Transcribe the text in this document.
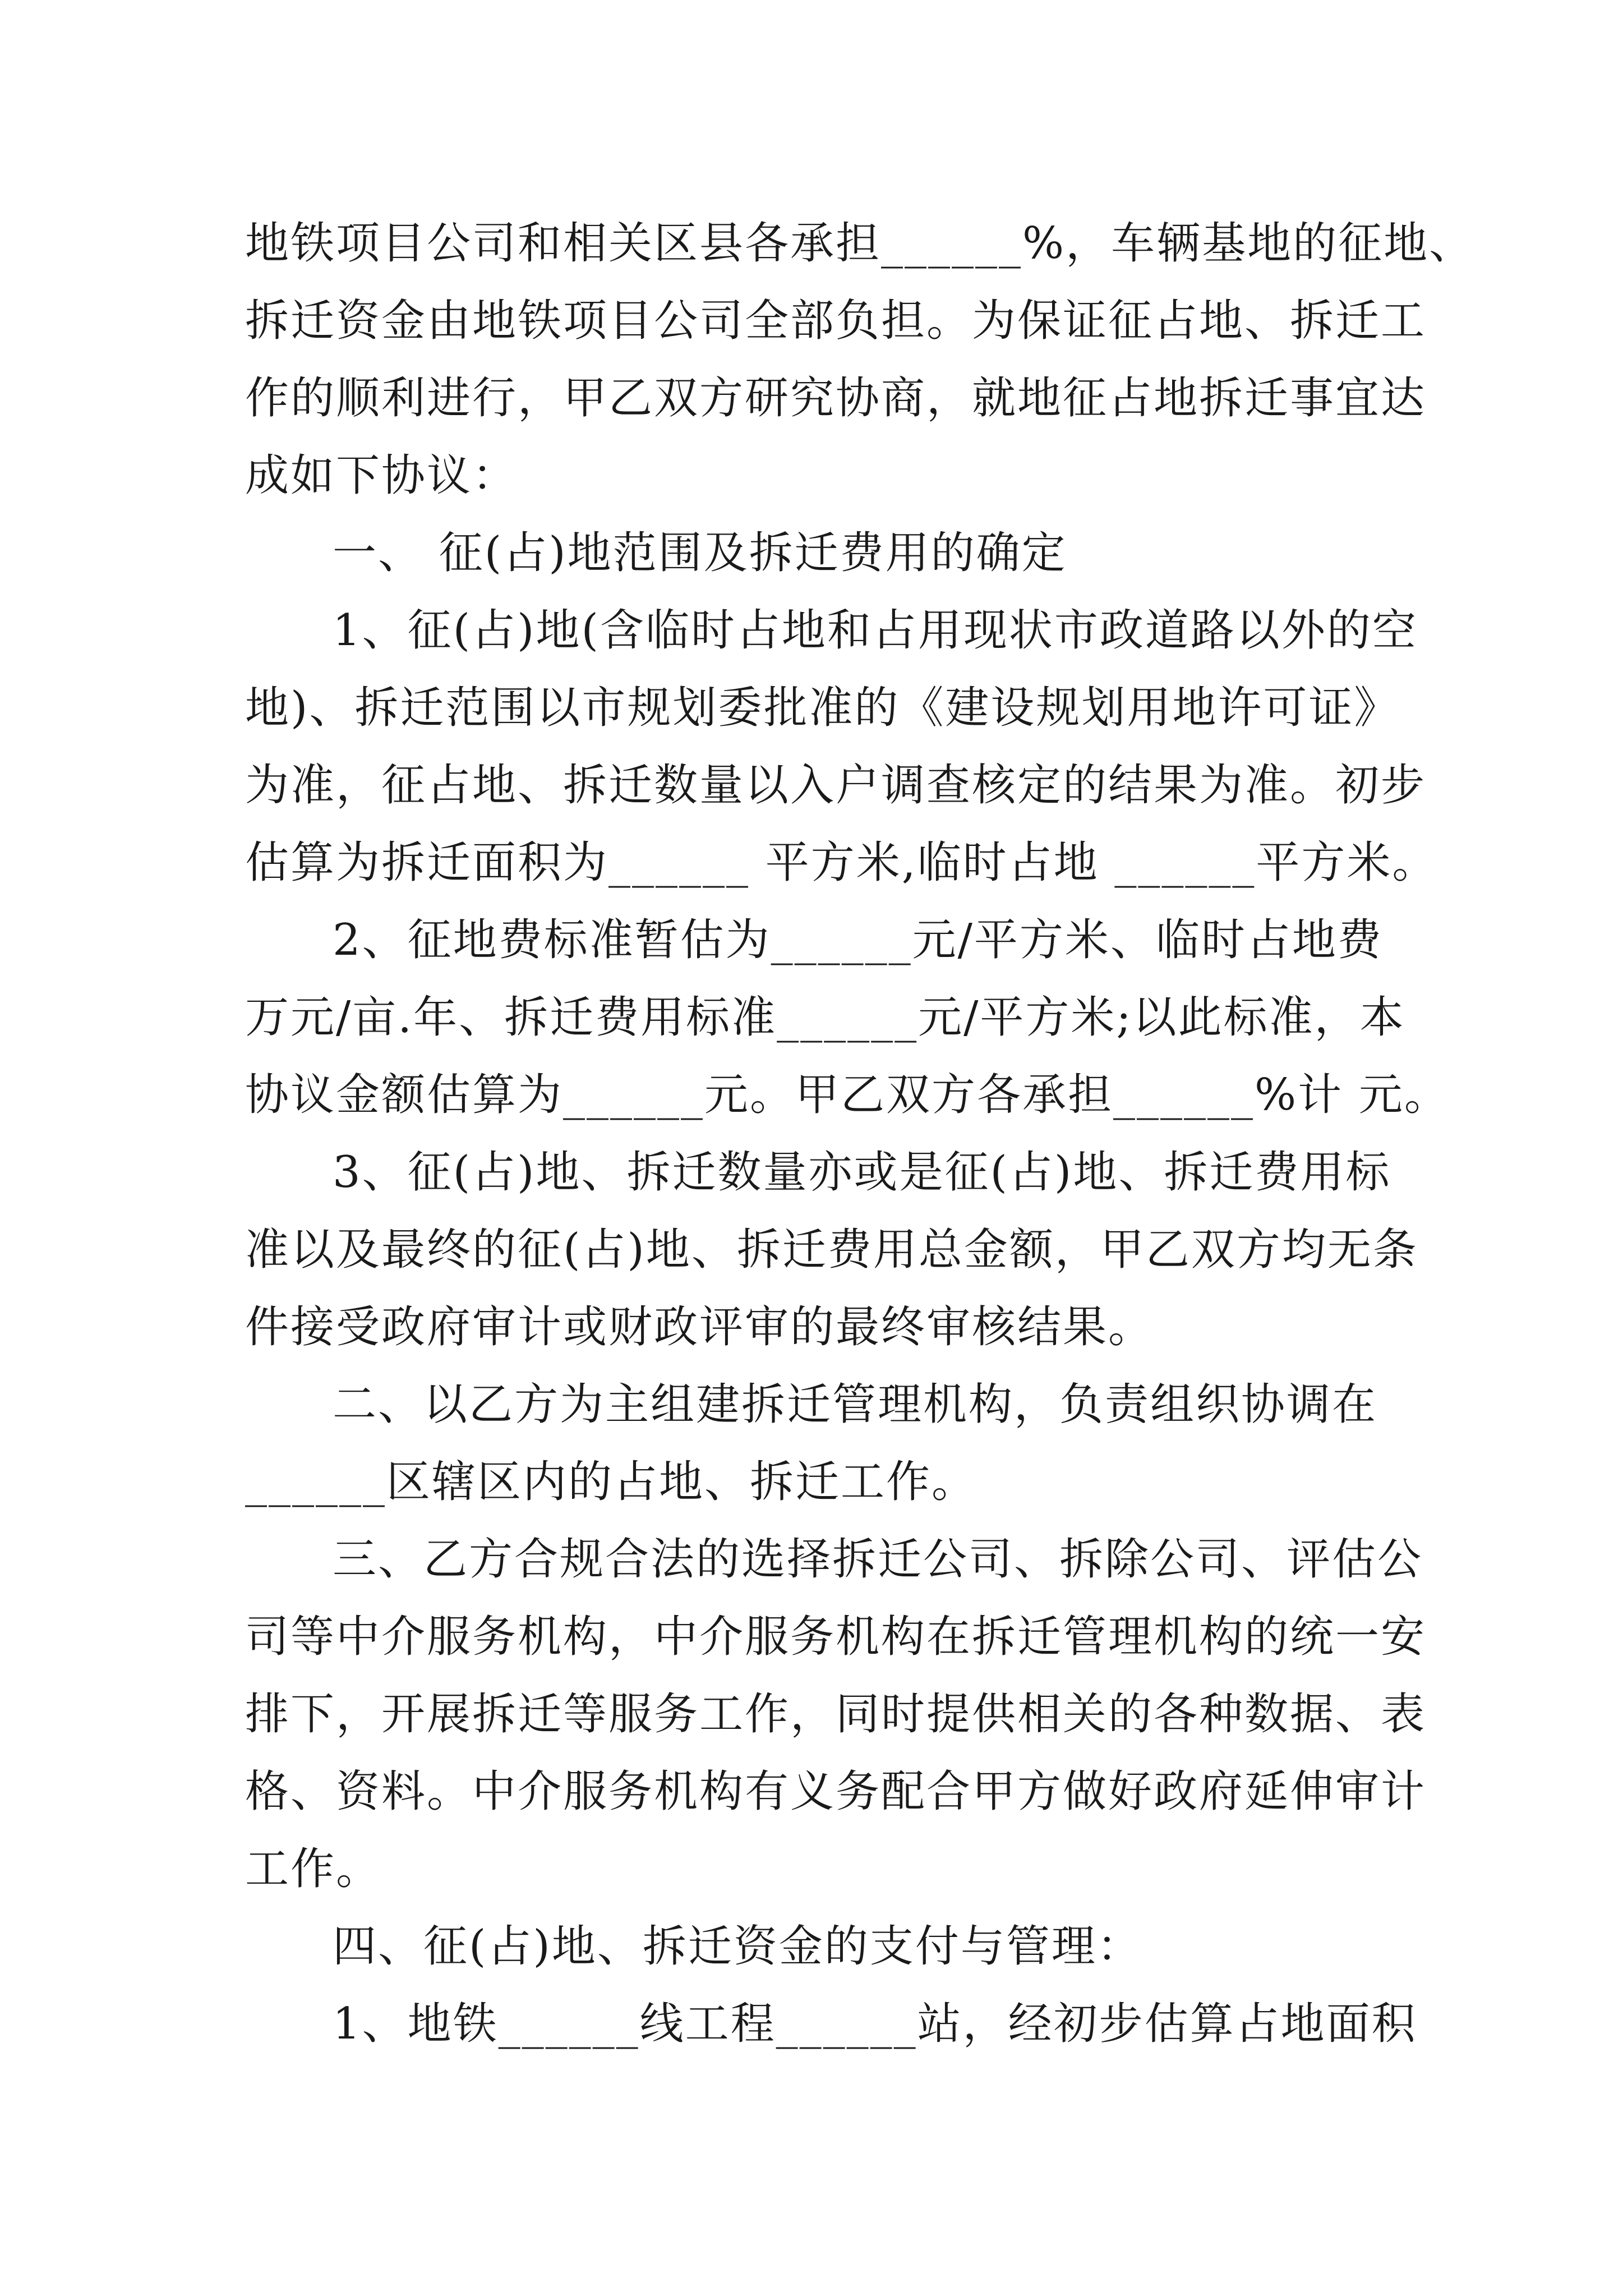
地铁项目公司和相关区县各承担______%，车辆基地的征地、
拆迁资金由地铁项目公司全部负担。为保证征占地、拆迁工
作的顺利进行，甲乙双方研究协商，就地征占地拆迁事宜达
成如下协议：

一、 征(占)地范围及拆迁费用的确定

1、征(占)地(含临时占地和占用现状市政道路以外的空
地)、拆迁范围以市规划委批准的《建设规划用地许可证》
为准，征占地、拆迁数量以入户调查核定的结果为准。初步
估算为拆迁面积为______ 平方米,临时占地 ______平方米。

2、征地费标准暂估为______元/平方米、临时占地费
万元/亩.年、拆迁费用标准______元/平方米;以此标准，本
协议金额估算为______元。甲乙双方各承担______%计 元。

3、征(占)地、拆迁数量亦或是征(占)地、拆迁费用标
准以及最终的征(占)地、拆迁费用总金额，甲乙双方均无条
件接受政府审计或财政评审的最终审核结果。

二、以乙方为主组建拆迁管理机构，负责组织协调在
______区辖区内的占地、拆迁工作。

三、乙方合规合法的选择拆迁公司、拆除公司、评估公
司等中介服务机构，中介服务机构在拆迁管理机构的统一安
排下，开展拆迁等服务工作，同时提供相关的各种数据、表
格、资料。中介服务机构有义务配合甲方做好政府延伸审计
工作。

四、征(占)地、拆迁资金的支付与管理：

1、地铁______线工程______站，经初步估算占地面积
